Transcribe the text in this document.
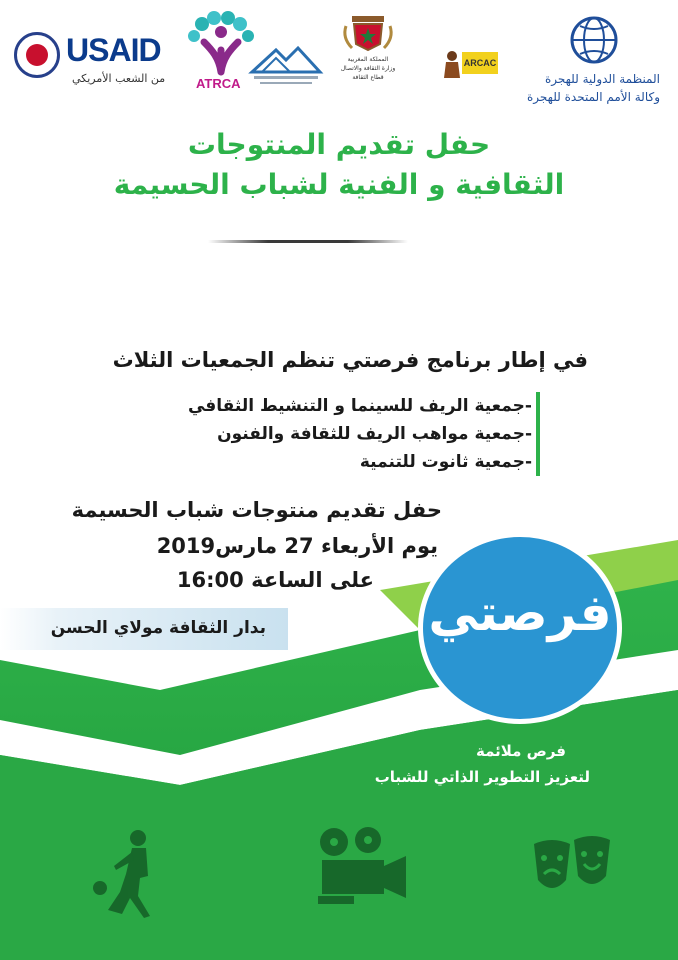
USAID
من الشعب الأمريكي ATRCA
المملكة المغربية
وزارة الثقافة والاتصال
قطاع الثقافة
ARCAC
المنظمة الدولية للهجرة
وكالة الأمم المتحدة للهجرة
حفل تقديم المنتوجات
الثقافية و الفنية لشباب الحسيمة
في إطار برنامج فرصتي تنظم الجمعيات الثلاث
-جمعية الريف للسينما و التنشيط الثقافي
-جمعية مواهب الريف للثقافة والفنون
-جمعية ثانوت للتنمية
حفل تقديم منتوجات شباب الحسيمة
يوم الأربعاء 27 مارس2019
على الساعة 16:00
بدار الثقافة مولاي الحسن	فرصتي
فرص ملائمة
لتعزيز التطوير الذاتي للشباب
